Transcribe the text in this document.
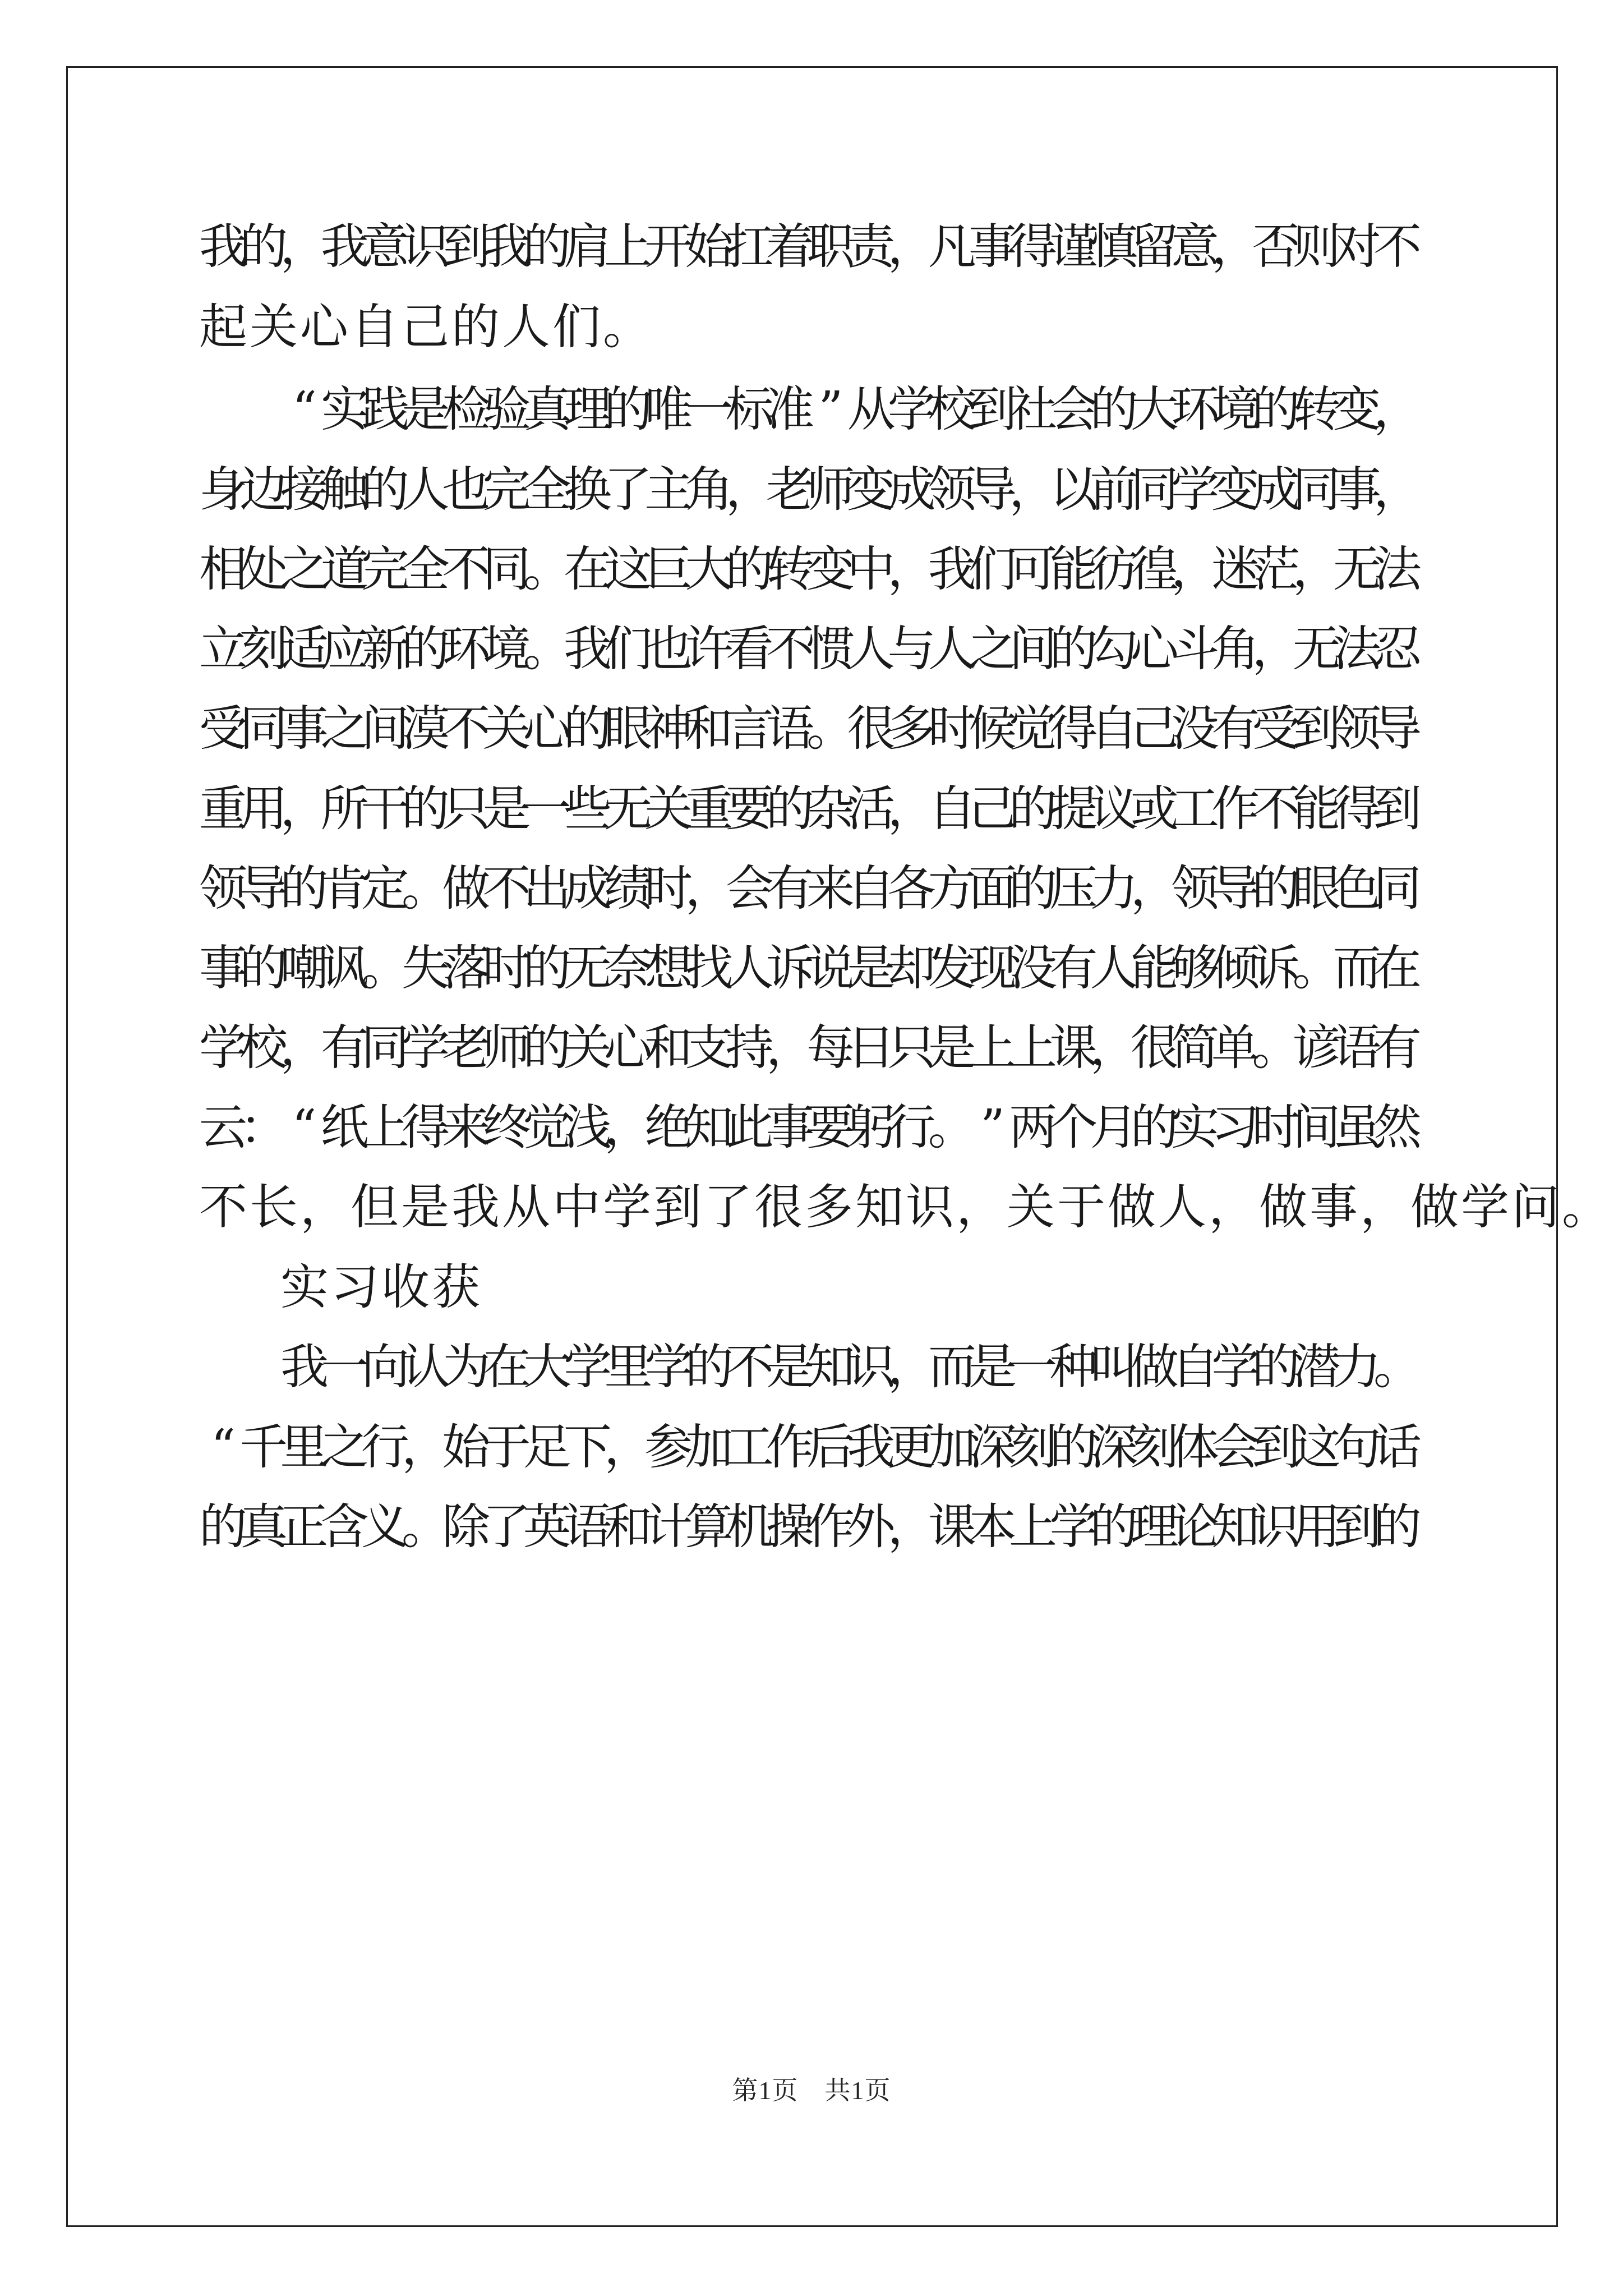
我
的
，
我
意
识
到
我
的
肩
上
开
始
扛
着
职
责
，
凡
事
得
谨
慎
留
意
，
否
则
对
不
起 关 心 自 己 的 人 们 。
“ 实
践
是
检
验
真
理
的
唯
一
标
准 ” 从
学
校
到
社
会
的
大
环
境
的
转
变
，
身
边
接
触
的
人
也
完
全
换
了
主
角
，
老
师
变
成
领
导
，
以
前
同
学
变
成
同
事
，
相
处
之
道
完
全
不
同
。
在
这
巨
大
的
转
变
中
，
我
们
可
能
彷
徨
，
迷
茫
，
无
法
立
刻
适
应
新
的
环
境
。
我
们
也
许
看
不
惯
人
与
人
之
间
的
勾
心
斗
角
，
无
法
忍
受
同
事
之
间
漠
不
关
心
的
眼
神
和
言
语
。
很
多
时
候
觉
得
自
己
没
有
受
到
领
导
重
用
，
所
干
的
只
是
一
些
无
关
重
要
的
杂
活
，
自
己
的
提
议
或
工
作
不
能
得
到
领
导
的
肯
定
。
做
不
出
成
绩
时
，
会
有
来
自
各
方
面
的
压
力
，
领
导
的
眼
色
同
事
的
嘲
讽
。
失
落
时
的
无
奈
想
找
人
诉
说
是
却
发
现
没
有
人
能
够
倾
诉
。
而
在
学
校
，
有
同
学
老
师
的
关
心
和
支
持
，
每
日
只
是
上
上
课
，
很
简
单
。
谚
语
有
云
： “ 纸
上
得
来
终
觉
浅
，
绝
知
此
事
要
躬
行
。 ” 两
个
月
的
实
习
时
间
虽
然
不 长 ， 但 是 我 从 中 学 到 了 很 多 知 识 ， 关 于 做 人 ， 做 事 ， 做 学 问 。
实 习 收 获
我
一
向
认
为
在
大
学
里
学
的
不
是
知
识
，
而
是
一
种
叫
做
自
学
的
潜
力
。
“ 千
里
之
行
，
始
于
足
下
，
参
加
工
作
后
我
更
加
深
刻
的
深
刻
体
会
到
这
句
话
的
真
正
含
义
。
除
了
英
语
和
计
算
机
操
作
外
，
课
本
上
学
的
理
论
知
识
用
到
的
第1页　共1页
